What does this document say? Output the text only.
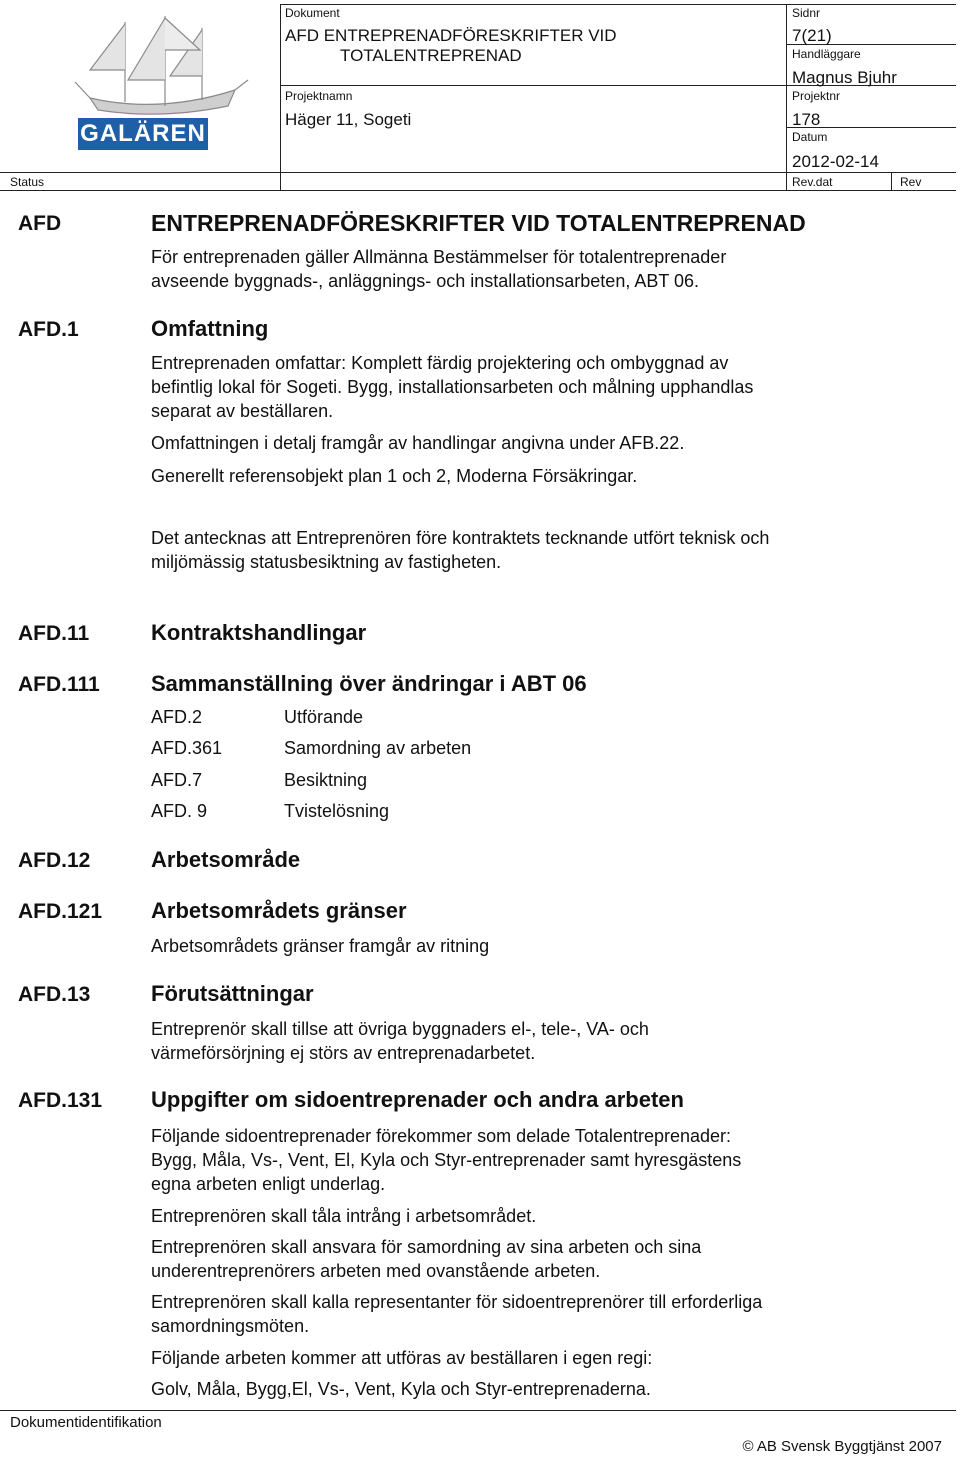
GALÄREN
Dokument
AFD ENTREPRENADFÖRESKRIFTER VID
TOTALENTREPRENAD
Sidnr
7(21)
Handläggare
Magnus Bjuhr
Projektnamn
Häger 11, Sogeti
Projektnr
178
Datum
2012-02-14
Status	Rev.dat	Rev
AFD	ENTREPRENADFÖRESKRIFTER VID TOTALENTREPRENAD
För entreprenaden gäller Allmänna Bestämmelser för totalentreprenader
avseende byggnads-, anläggnings- och installationsarbeten, ABT 06.
AFD.1	Omfattning
Entreprenaden omfattar: Komplett färdig projektering och ombyggnad av
befintlig lokal för Sogeti. Bygg, installationsarbeten och målning upphandlas
separat av beställaren.
Omfattningen i detalj framgår av handlingar angivna under AFB.22.
Generellt referensobjekt plan 1 och 2, Moderna Försäkringar.
Det antecknas att Entreprenören före kontraktets tecknande utfört teknisk och
miljömässig statusbesiktning av fastigheten.
AFD.11	Kontraktshandlingar
AFD.111 Sammanställning över ändringar i ABT 06
AFD.2	Utförande
AFD.361	Samordning av arbeten
AFD.7	Besiktning
AFD. 9	Tvistelösning
AFD.12	Arbetsområde
AFD.121 Arbetsområdets gränser
Arbetsområdets gränser framgår av ritning
AFD.13	Förutsättningar
Entreprenör skall tillse att övriga byggnaders el-, tele-, VA- och
värmeförsörjning ej störs av entreprenadarbetet.
AFD.131 Uppgifter om sidoentreprenader och andra arbeten
Följande sidoentreprenader förekommer som delade Totalentreprenader:
Bygg, Måla, Vs-, Vent, El, Kyla och Styr-entreprenader samt hyresgästens
egna arbeten enligt underlag.
Entreprenören skall tåla intrång i arbetsområdet.
Entreprenören skall ansvara för samordning av sina arbeten och sina
underentreprenörers arbeten med ovanstående arbeten.
Entreprenören skall kalla representanter för sidoentreprenörer till erforderliga
samordningsmöten.
Följande arbeten kommer att utföras av beställaren i egen regi:
Golv, Måla, Bygg,El, Vs-, Vent, Kyla och Styr-entreprenaderna.
Dokumentidentifikation
© AB Svensk Byggtjänst 2007
